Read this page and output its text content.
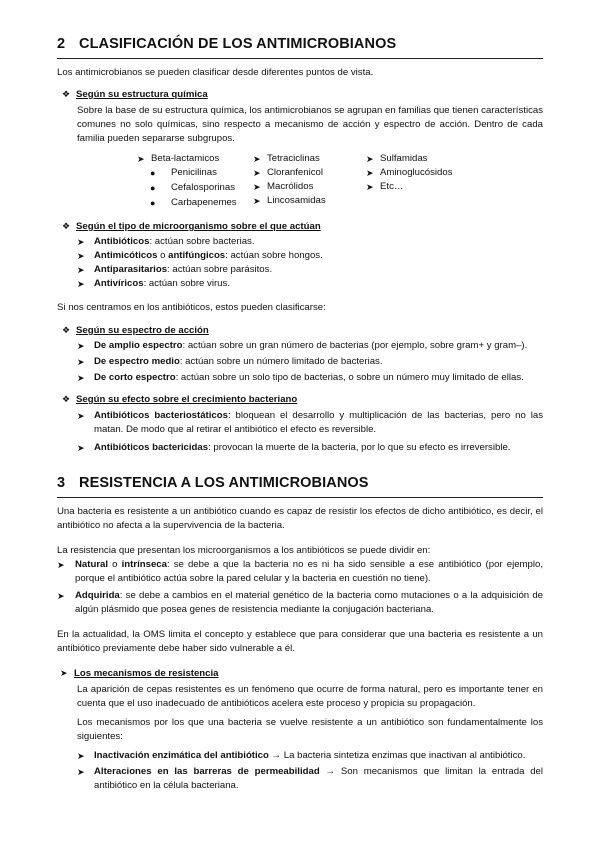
2 CLASIFICACIÓN DE LOS ANTIMICROBIANOS
Los antimicrobianos se pueden clasificar desde diferentes puntos de vista.
❖ Según su estructura química
Sobre la base de su estructura química, los antimicrobianos se agrupan en familias que tienen características comunes no solo químicas, sino respecto a mecanismo de acción y espectro de acción. Dentro de cada familia pueden separarse subgrupos.
➤ Beta-lactamicos
● Penicilinas
● Cefalosporinas
● Carbapenemes
➤ Tetraciclinas
➤ Cloranfenicol
➤ Macrólidos
➤ Lincosamidas
➤ Sulfamidas
➤ Aminoglucósidos
➤ Etc…
❖ Según el tipo de microorganismo sobre el que actúan
➤ Antibióticos: actúan sobre bacterias.
➤ Antimicóticos o antifúngicos: actúan sobre hongos.
➤ Antiparasitarios: actúan sobre parásitos.
➤ Antivíricos: actúan sobre virus.
Si nos centramos en los antibióticos, estos pueden clasificarse:
❖ Según su espectro de acción
➤ De amplio espectro: actúan sobre un gran número de bacterias (por ejemplo, sobre gram+ y gram–).
➤ De espectro medio: actúan sobre un número limitado de bacterias.
➤ De corto espectro: actúan sobre un solo tipo de bacterias, o sobre un número muy limitado de ellas.
❖ Según su efecto sobre el crecimiento bacteriano
➤ Antibióticos bacteriostáticos: bloquean el desarrollo y multiplicación de las bacterias, pero no las matan. De modo que al retirar el antibiótico el efecto es reversible.
➤ Antibióticos bactericidas: provocan la muerte de la bacteria, por lo que su efecto es irreversible.
3 RESISTENCIA A LOS ANTIMICROBIANOS
Una bacteria es resistente a un antibiótico cuando es capaz de resistir los efectos de dicho antibiótico, es decir, el antibiótico no afecta a la supervivencia de la bacteria.
La resistencia que presentan los microorganismos a los antibióticos se puede dividir en:
➤ Natural o intrínseca: se debe a que la bacteria no es ni ha sido sensible a ese antibiótico (por ejemplo, porque el antibiótico actúa sobre la pared celular y la bacteria en cuestión no tiene).
➤ Adquirida: se debe a cambios en el material genético de la bacteria como mutaciones o a la adquisición de algún plásmido que posea genes de resistencia mediante la conjugación bacteriana.
En la actualidad, la OMS limita el concepto y establece que para considerar que una bacteria es resistente a un antibiótico previamente debe haber sido vulnerable a él.
➤ Los mecanismos de resistencia
La aparición de cepas resistentes es un fenómeno que ocurre de forma natural, pero es importante tener en cuenta que el uso inadecuado de antibióticos acelera este proceso y propicia su propagación.
Los mecanismos por los que una bacteria se vuelve resistente a un antibiótico son fundamentalmente los siguientes:
➤ Inactivación enzimática del antibiótico → La bacteria sintetiza enzimas que inactivan al antibiótico.
➤ Alteraciones en las barreras de permeabilidad → Son mecanismos que limitan la entrada del antibiótico en la célula bacteriana.
